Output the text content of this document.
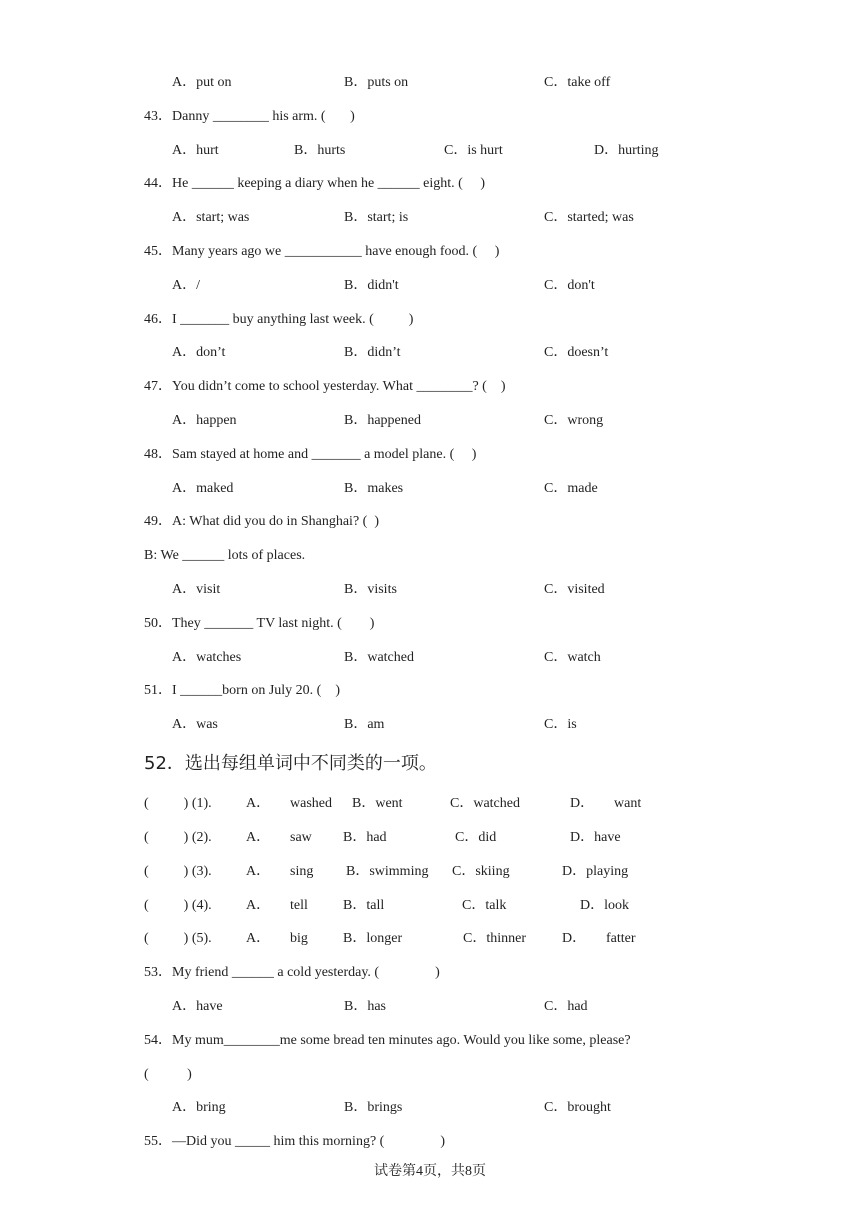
A．put on	B．puts on	C．take off
43．Danny ________ his arm. (       )
A．hurt	B．hurts	C．is hurt	D．hurting
44．He ______ keeping a diary when he ______ eight. (     )
A．start; was	B．start; is	C．started; was
45．Many years ago we ___________ have enough food. (     )
A．/	B．didn't	C．don't
46．I _______ buy anything last week. (          )
A．don’t	B．didn’t	C．doesn’t
47．You didn’t come to school yesterday. What ________? (    )
A．happen	B．happened	C．wrong
48．Sam stayed at home and _______ a model plane. (     )
A．maked	B．makes	C．made
49．A: What did you do in Shanghai? (  )
B: We ______ lots of places.
A．visit	B．visits	C．visited
50．They _______ TV last night. (        )
A．watches	B．watched	C．watch
51．I ______born on July 20. (    )
A．was	B．am	C．is
52．选出每组单词中不同类的一项。
(          ) (1). A． washed B．went	C．watched	D． want
(          ) (2). A． saw B．had	C．did	D．have
(          ) (3). A． sing B．swimming C．skiing	D．playing
(          ) (4). A． tell	B．tall	C．talk	D．look
(          ) (5). A． big	B．longer	C．thinner	D． fatter
53．My friend ______ a cold yesterday. (                )
A．have	B．has	C．had
54．My mum________me some bread ten minutes ago. Would you like some, please?
(           )
A．bring	B．brings	C．brought
55．—Did you _____ him this morning? (                )
试卷第4页，共8页
